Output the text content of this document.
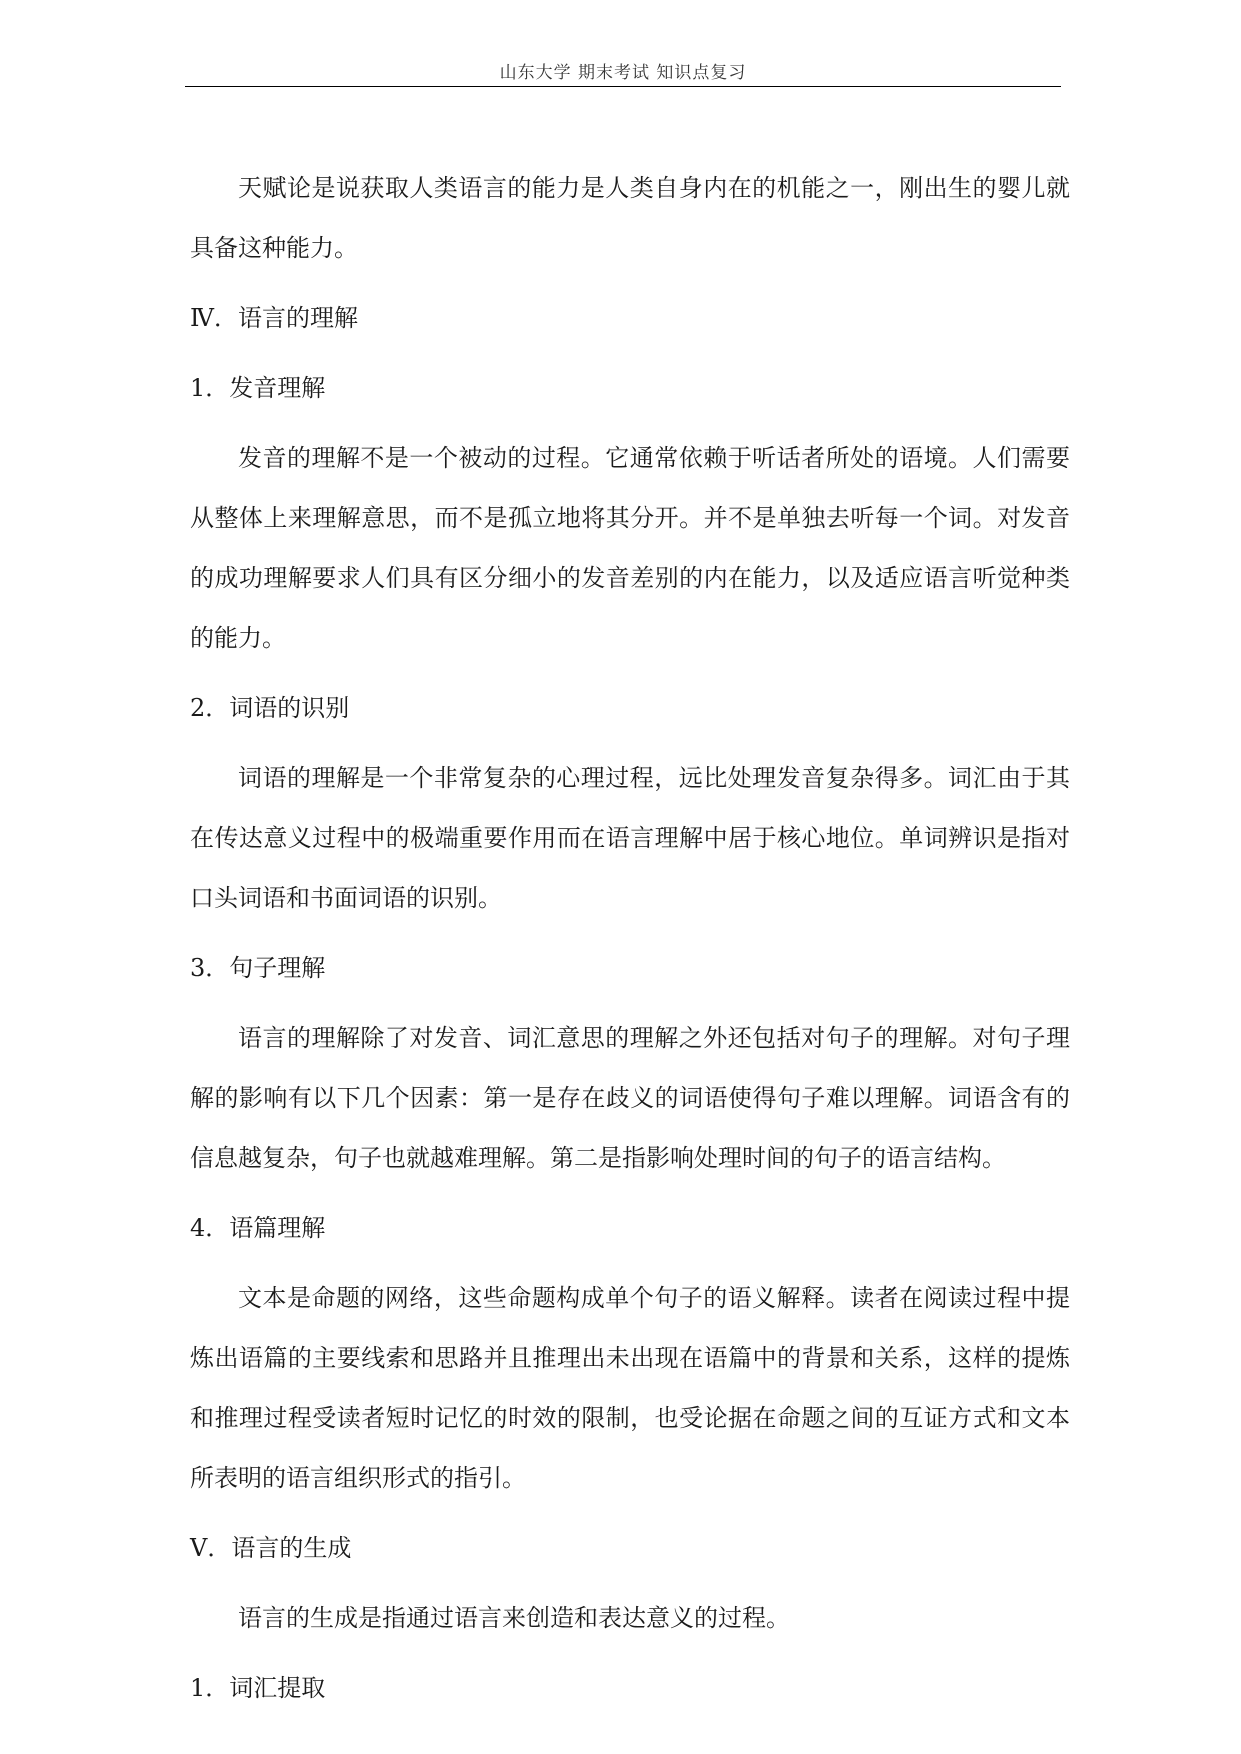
山东大学 期末考试 知识点复习

天赋论是说获取人类语言的能力是人类自身内在的机能之一，刚出生的婴儿就具备这种能力。

Ⅳ．语言的理解

1．发音理解

发音的理解不是一个被动的过程。它通常依赖于听话者所处的语境。人们需要从整体上来理解意思，而不是孤立地将其分开。并不是单独去听每一个词。对发音的成功理解要求人们具有区分细小的发音差别的内在能力，以及适应语言听觉种类的能力。

2．词语的识别

词语的理解是一个非常复杂的心理过程，远比处理发音复杂得多。词汇由于其在传达意义过程中的极端重要作用而在语言理解中居于核心地位。单词辨识是指对口头词语和书面词语的识别。

3．句子理解

语言的理解除了对发音、词汇意思的理解之外还包括对句子的理解。对句子理解的影响有以下几个因素：第一是存在歧义的词语使得句子难以理解。词语含有的信息越复杂，句子也就越难理解。第二是指影响处理时间的句子的语言结构。

4．语篇理解

文本是命题的网络，这些命题构成单个句子的语义解释。读者在阅读过程中提炼出语篇的主要线索和思路并且推理出未出现在语篇中的背景和关系，这样的提炼和推理过程受读者短时记忆的时效的限制，也受论据在命题之间的互证方式和文本所表明的语言组织形式的指引。

Ⅴ．语言的生成

语言的生成是指通过语言来创造和表达意义的过程。

1．词汇提取
